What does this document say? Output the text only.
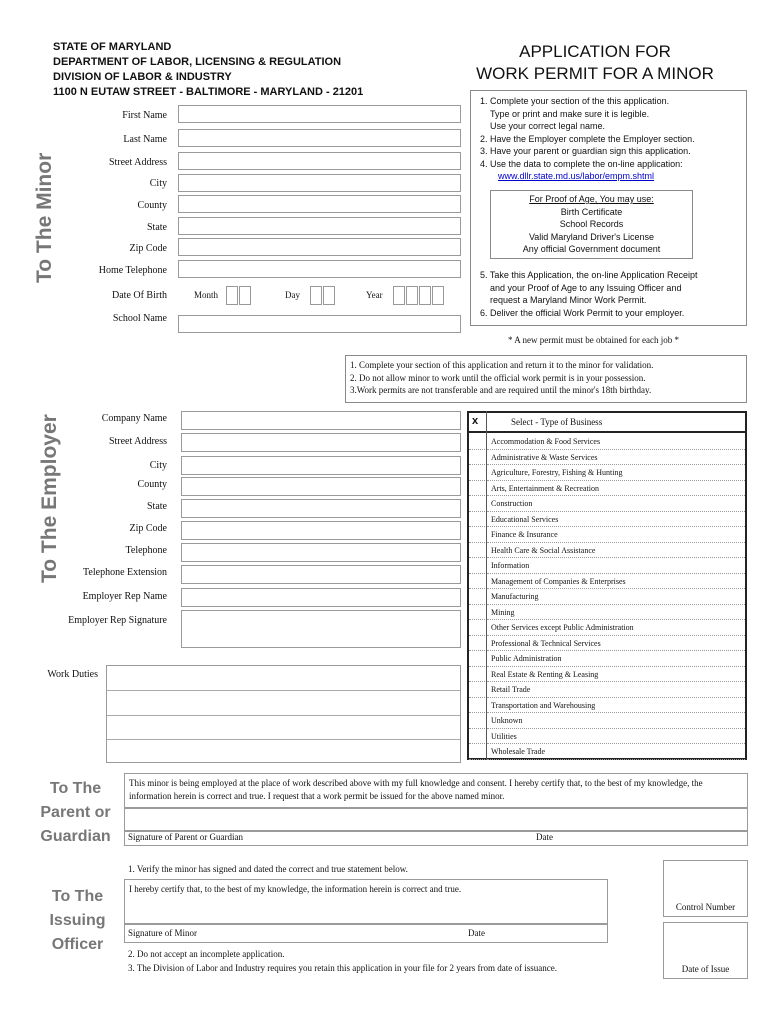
STATE OF MARYLAND
DEPARTMENT OF LABOR, LICENSING & REGULATION
DIVISION OF LABOR & INDUSTRY
1100 N EUTAW STREET - BALTIMORE - MARYLAND - 21201
APPLICATION FOR
WORK PERMIT FOR A MINOR
1. Complete your section of the this application.
Type or print and make sure it is legible.
Use your correct legal name.
2. Have the Employer complete the Employer section.
3. Have your parent or guardian sign this application.
4. Use the data to complete the on-line application:
www.dllr.state.md.us/labor/empm.shtml
For Proof of Age, You may use:
Birth Certificate
School Records
Valid Maryland Driver's License
Any official Government document
5. Take this Application, the on-line Application Receipt
and your Proof of Age to any Issuing Officer and
request a Maryland Minor Work Permit.
6. Deliver the official Work Permit to your employer.
To The Minor
First Name
Last Name
Street Address
City
County
State
Zip Code
Home Telephone
Date Of Birth	Month	Day	Year
School Name
* A new permit must be obtained for each job *
1. Complete your section of this application and return it to the minor for validation.
2. Do not allow minor to work until the official work permit is in your possession.
3.Work permits are not transferable and are required until the minor's 18th birthday.
To The Employer	Company Name
Street Address
City
County
State
Zip Code
Telephone
Telephone Extension
Employer Rep Name
Employer Rep Signature
Work Duties
x	Select - Type of Business
Accommodation & Food Services
Administrative & Waste Services
Agriculture, Forestry, Fishing & Hunting
Arts, Entertainment & Recreation
Construction
Educational Services
Finance & Insurance
Health Care & Social Assistance
Information
Management of Companies & Enterprises
Manufacturing
Mining
Other Services except Public Administration
Professional & Technical Services
Public Administration
Real Estate & Renting & Leasing
Retail Trade
Transportation and Warehousing
Unknown
Utilities
Wholesale Trade
To The
Parent or
Guardian
This minor is being employed at the place of work described above with my full knowledge and consent. I hereby certify that, to the best of my knowledge, the information herein is correct and true. I request that a work permit be issued for the above named minor.
Signature of Parent or Guardian	Date
To The
Issuing
Officer
1. Verify the minor has signed and dated the correct and true statement below.
I hereby certify that, to the best of my knowledge, the information herein is correct and true.
Signature of Minor	Date
2. Do not accept an incomplete application.
3. The Division of Labor and Industry requires you retain this application in your file for 2 years from date of issuance.
Control Number
Date of Issue
